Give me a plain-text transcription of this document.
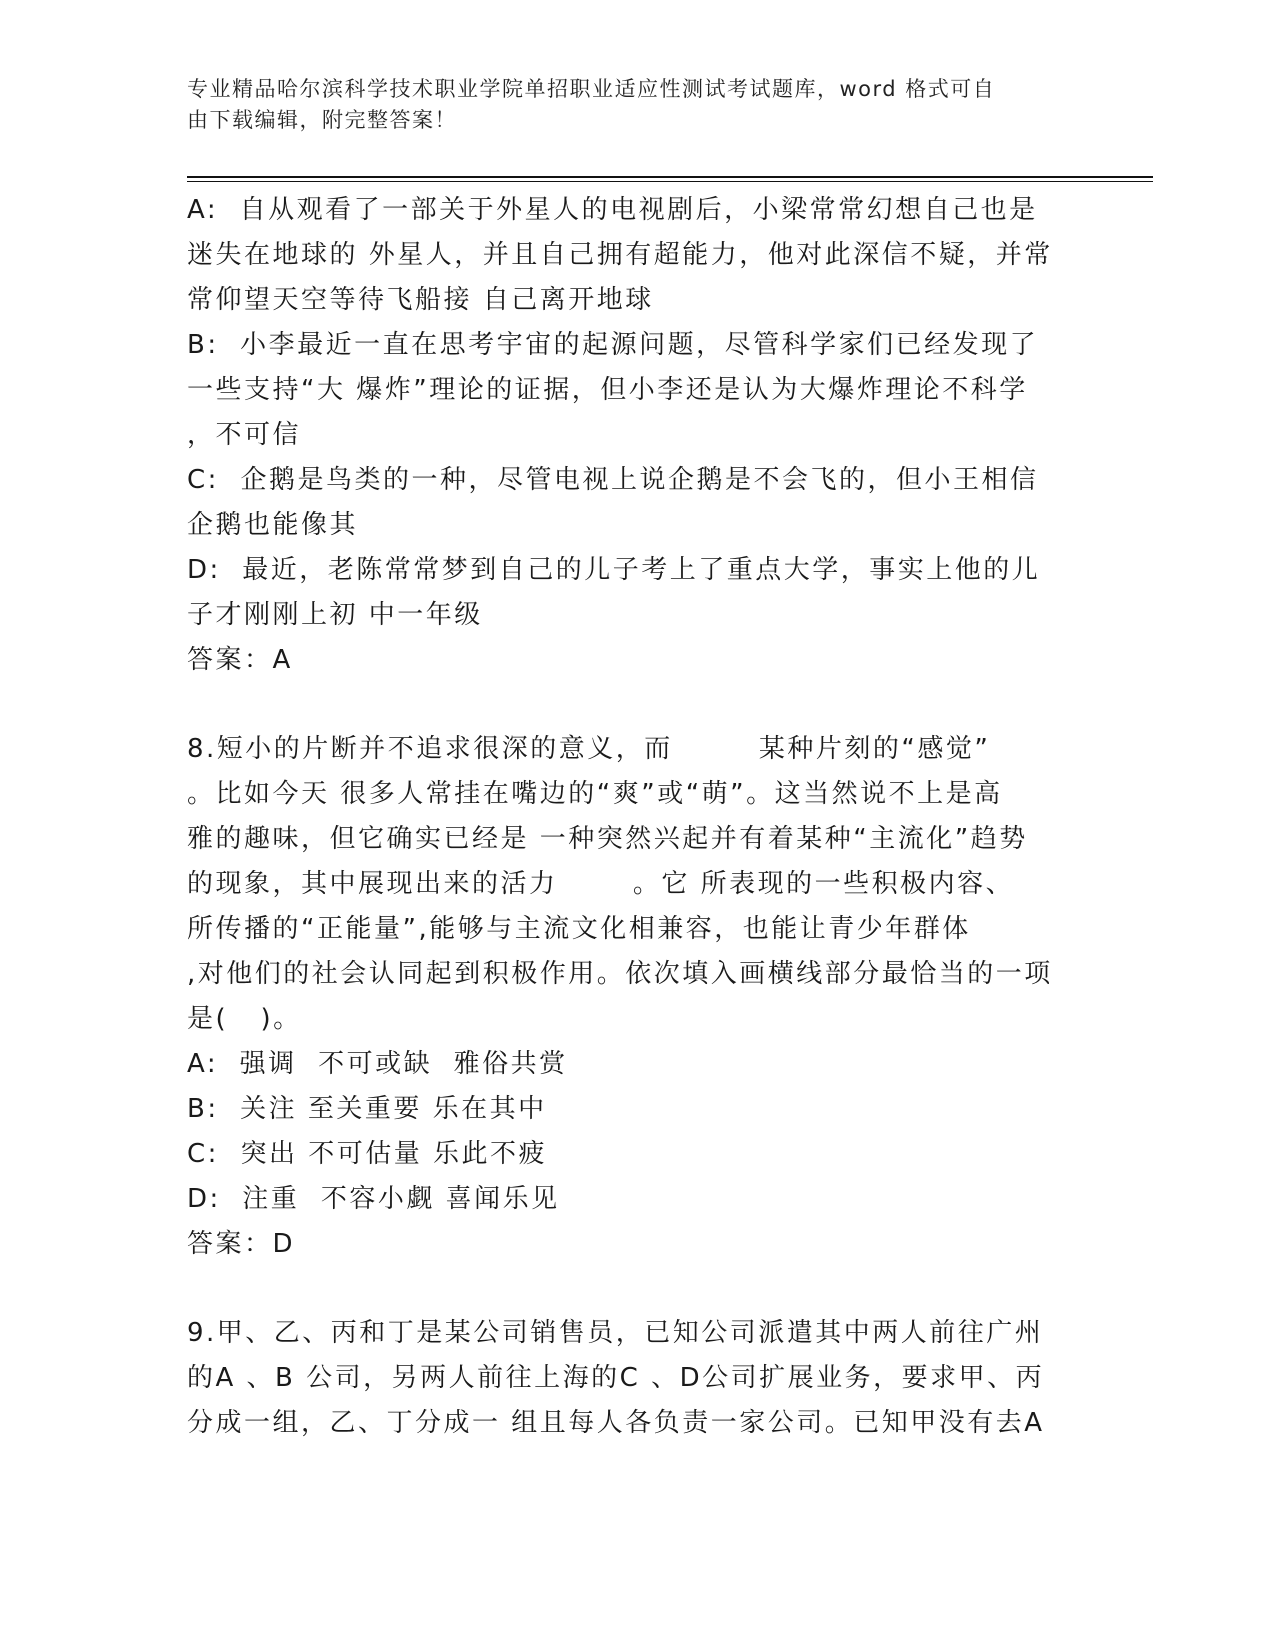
专业精品哈尔滨科学技术职业学院单招职业适应性测试考试题库，word 格式可自
由下载编辑，附完整答案！
A:  自从观看了一部关于外星人的电视剧后，小梁常常幻想自己也是
迷失在地球的 外星人，并且自己拥有超能力，他对此深信不疑，并常
常仰望天空等待飞船接 自己离开地球
B:  小李最近一直在思考宇宙的起源问题，尽管科学家们已经发现了
一些支持“大 爆炸”理论的证据，但小李还是认为大爆炸理论不科学
，不可信
C:  企鹅是鸟类的一种，尽管电视上说企鹅是不会飞的，但小王相信
企鹅也能像其
D:  最近，老陈常常梦到自己的儿子考上了重点大学，事实上他的儿
子才刚刚上初 中一年级
答案：A
8.短小的片断并不追求很深的意义，而        某种片刻的“感觉”
。比如今天 很多人常挂在嘴边的“爽”或“萌”。这当然说不上是高
雅的趣味，但它确实已经是 一种突然兴起并有着某种“主流化”趋势
的现象，其中展现出来的活力       。它 所表现的一些积极内容、
所传播的“正能量”,能够与主流文化相兼容，也能让青少年群体
,对他们的社会认同起到积极作用。依次填入画横线部分最恰当的一项
是(   )。
A:  强调  不可或缺  雅俗共赏
B:  关注 至关重要 乐在其中
C:  突出 不可估量 乐此不疲
D:  注重  不容小觑 喜闻乐见
答案：D
9.甲、乙、丙和丁是某公司销售员，已知公司派遣其中两人前往广州
的A 、B 公司，另两人前往上海的C 、D公司扩展业务，要求甲、丙
分成一组，乙、丁分成一 组且每人各负责一家公司。已知甲没有去A
